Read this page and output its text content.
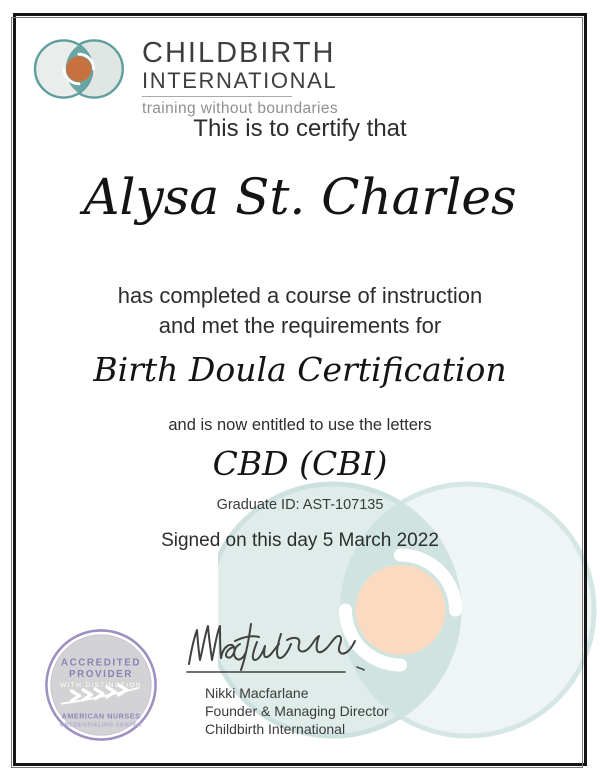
CHILDBIRTH
INTERNATIONAL
training without boundaries
This is to certify that
Alysa St. Charles
has completed a course of instruction
and met the requirements for
Birth Doula Certification
and is now entitled to use the letters
CBD (CBI)
Graduate ID: AST-107135
Signed on this day 5 March 2022
Nikki Macfarlane
Founder & Managing Director
Childbirth International
ACCREDITED
PROVIDER
WITH DISTINCTION
AMERICAN NURSES
CREDENTIALING CENTER
